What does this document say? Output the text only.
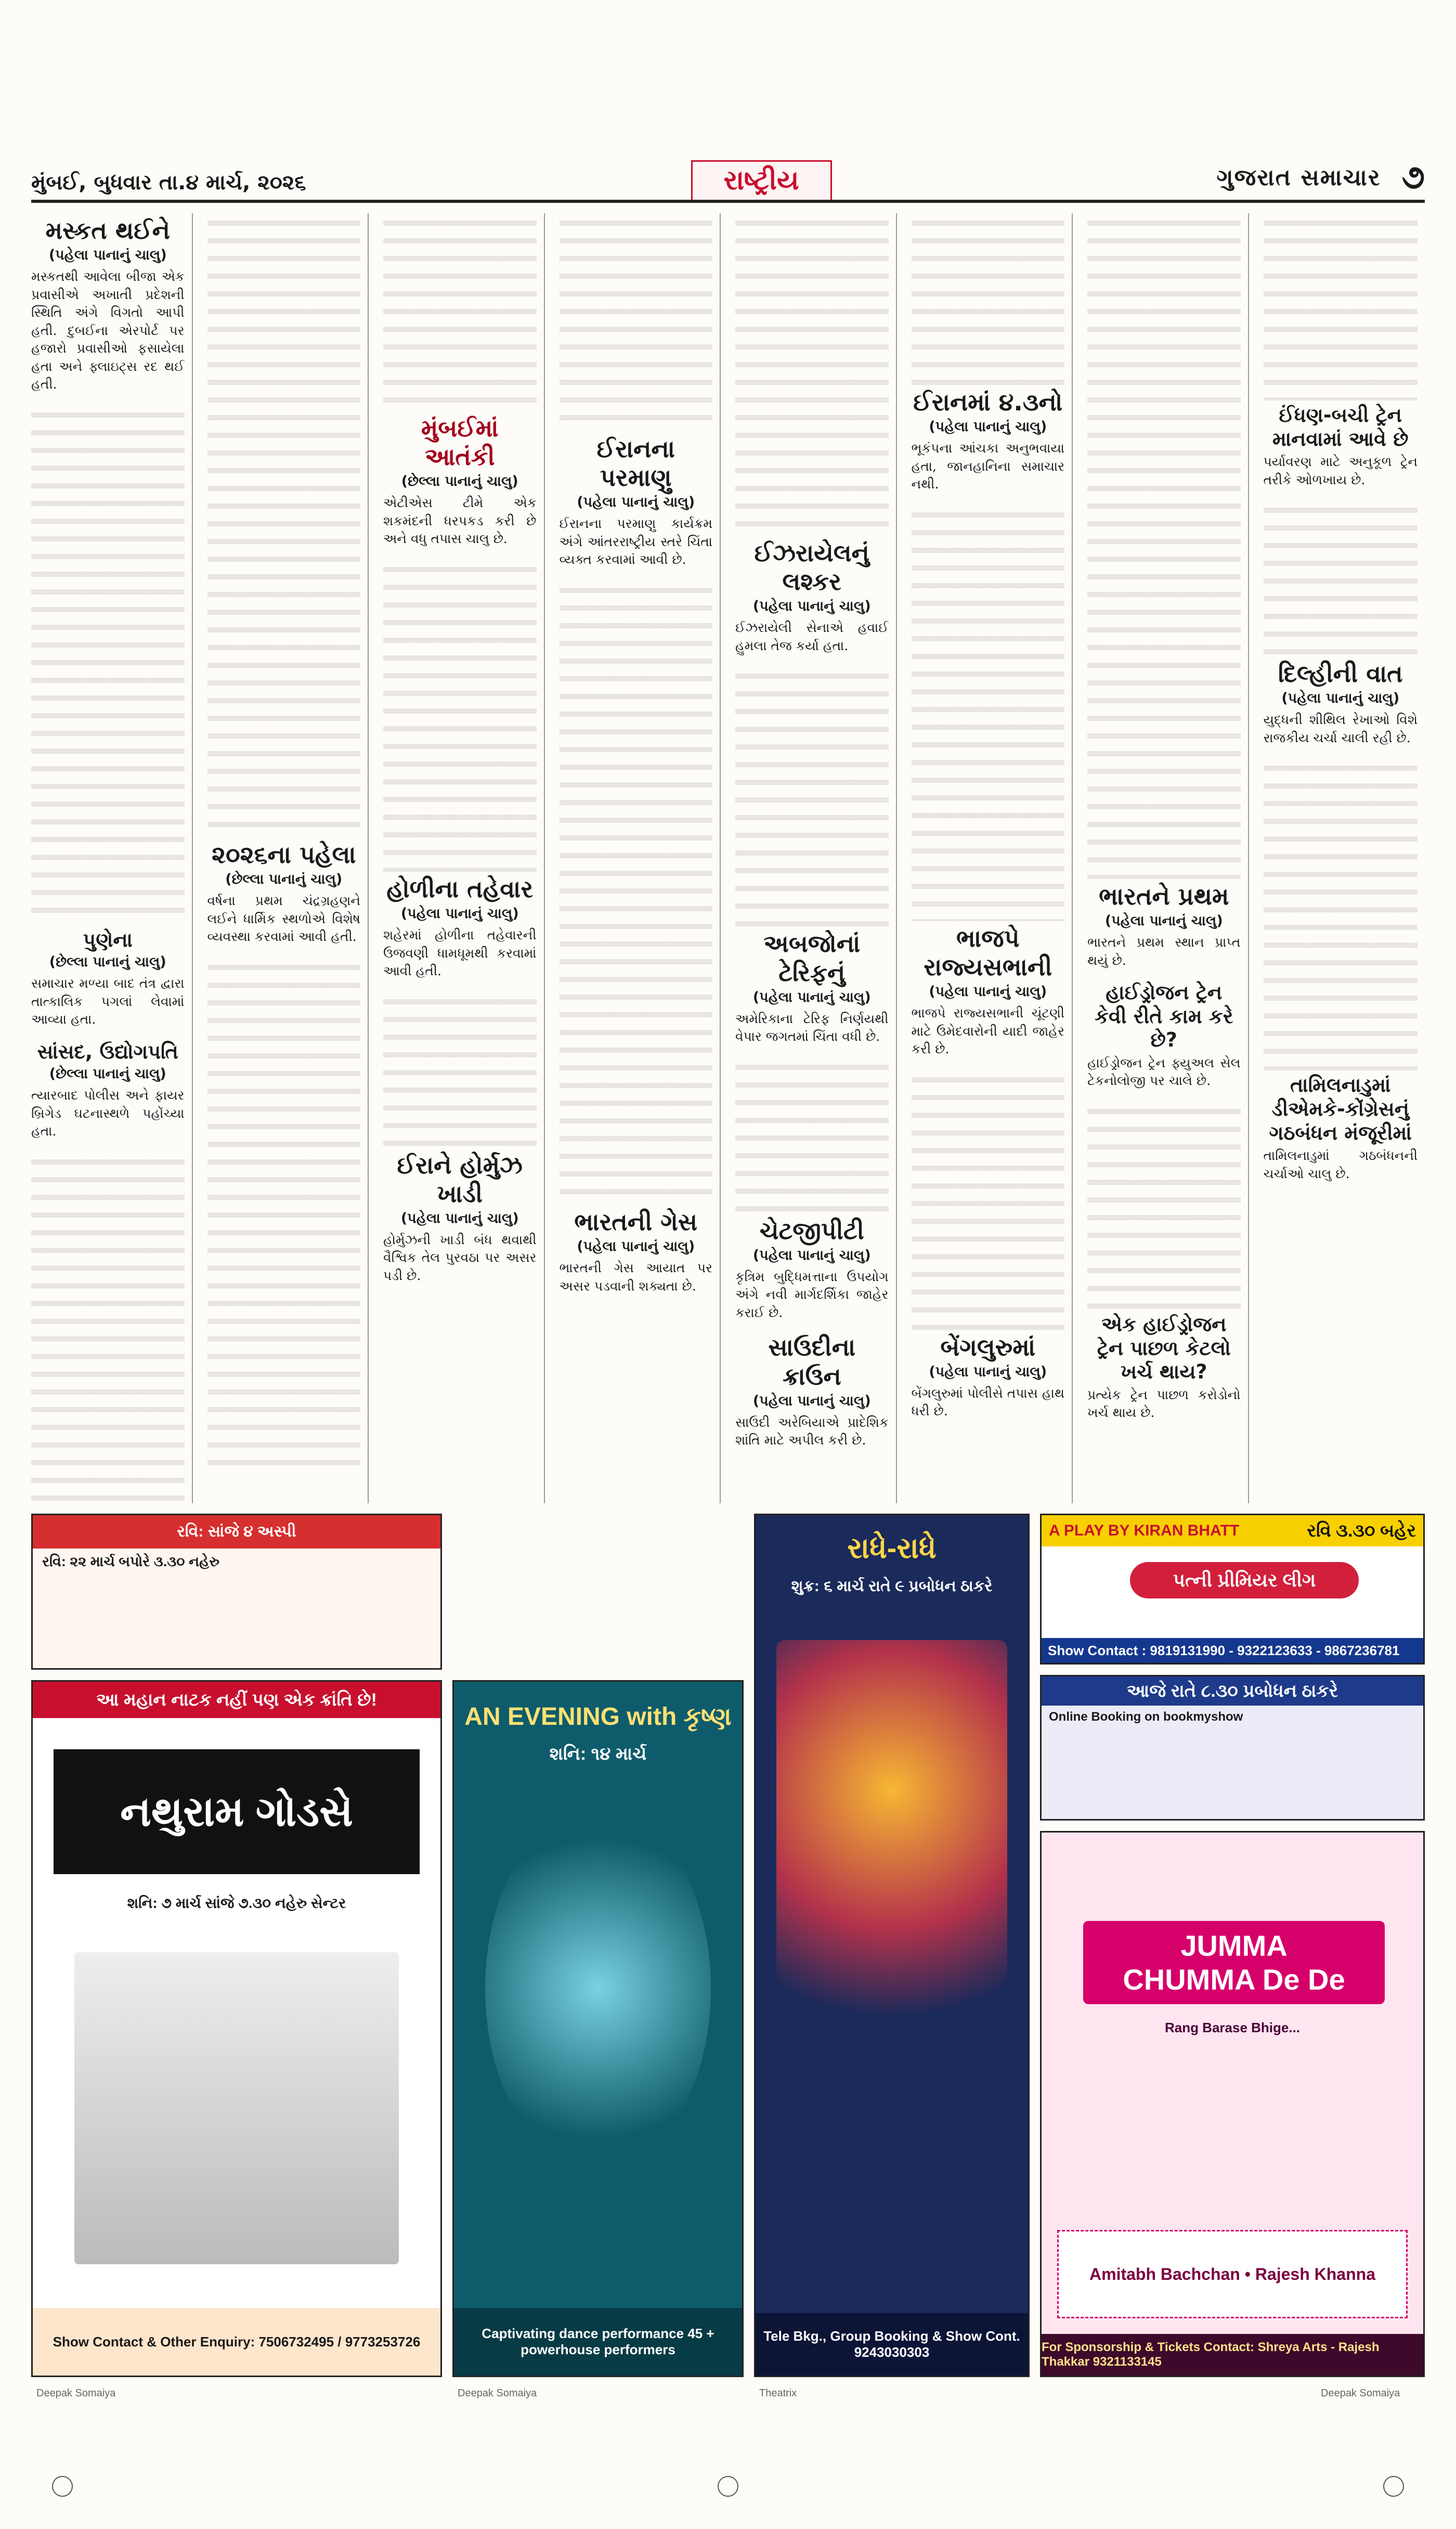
મુંબઈ, બુધવાર તા.૪ માર્ચ, ૨૦૨૬	રાષ્ટ્રીય	ગુજરાત સમાચાર ૭
મસ્કત થઈને
(પહેલા પાનાનું ચાલુ)

મસ્કતથી આવેલા બીજા એક પ્રવાસીએ અખાતી પ્રદેશની સ્થિતિ અંગે વિગતો આપી હતી. દુબઈના એરપોર્ટ પર હજારો પ્રવાસીઓ ફસાયેલા હતા અને ફ્લાઇટ્સ રદ થઈ હતી.

પુણેના
(છેલ્લા પાનાનું ચાલુ)

સમાચાર મળ્યા બાદ તંત્ર દ્વારા તાત્કાલિક પગલાં લેવામાં આવ્યા હતા.

સાંસદ, ઉદ્યોગપતિ
(છેલ્લા પાનાનું ચાલુ)

ત્યારબાદ પોલીસ અને ફાયર બ્રિગેડ ઘટનાસ્થળે પહોંચ્યા હતા.

૨૦૨૬ના પહેલા
(છેલ્લા પાનાનું ચાલુ)

વર્ષના પ્રથમ ચંદ્રગ્રહણને લઈને ધાર્મિક સ્થળોએ વિશેષ વ્યવસ્થા કરવામાં આવી હતી.

મુંબઈમાં આતંકી
(છેલ્લા પાનાનું ચાલુ)

એટીએસ ટીમે એક શકમંદની ધરપકડ કરી છે અને વધુ તપાસ ચાલુ છે.

હોળીના તહેવાર
(પહેલા પાનાનું ચાલુ)

શહેરમાં હોળીના તહેવારની ઉજવણી ધામધૂમથી કરવામાં આવી હતી.

ઈરાને હોર્મુઝ ખાડી
(પહેલા પાનાનું ચાલુ)

હોર્મુઝની ખાડી બંધ થવાથી વૈશ્વિક તેલ પુરવઠા પર અસર પડી છે.

ઈરાનના પરમાણુ
(પહેલા પાનાનું ચાલુ)

ઈરાનના પરમાણુ કાર્યક્રમ અંગે આંતરરાષ્ટ્રીય સ્તરે ચિંતા વ્યક્ત કરવામાં આવી છે.

ભારતની ગેસ
(પહેલા પાનાનું ચાલુ)

ભારતની ગેસ આયાત પર અસર પડવાની શક્યતા છે.

ઈઝરાયેલનું લશ્કર
(પહેલા પાનાનું ચાલુ)

ઈઝરાયેલી સેનાએ હવાઈ હુમલા તેજ કર્યા હતા.

અબજોનાં ટેરિફનું
(પહેલા પાનાનું ચાલુ)

અમેરિકાના ટેરિફ નિર્ણયથી વેપાર જગતમાં ચિંતા વધી છે.

ચેટજીપીટી
(પહેલા પાનાનું ચાલુ)

કૃત્રિમ બુદ્ધિમત્તાના ઉપયોગ અંગે નવી માર્ગદર્શિકા જાહેર કરાઈ છે.

સાઉદીના ક્રાઉન
(પહેલા પાનાનું ચાલુ)

સાઉદી અરેબિયાએ પ્રાદેશિક શાંતિ માટે અપીલ કરી છે.

ઈરાનમાં ૪.૩નો
(પહેલા પાનાનું ચાલુ)

ભૂકંપના આંચકા અનુભવાયા હતા, જાનહાનિના સમાચાર નથી.

ભાજપે રાજ્યસભાની
(પહેલા પાનાનું ચાલુ)

ભાજપે રાજ્યસભાની ચૂંટણી માટે ઉમેદવારોની યાદી જાહેર કરી છે.

બેંગલુરુમાં
(પહેલા પાનાનું ચાલુ)

બેંગલુરુમાં પોલીસે તપાસ હાથ ધરી છે.

ભારતને પ્રથમ
(પહેલા પાનાનું ચાલુ)

ભારતને પ્રથમ સ્થાન પ્રાપ્ત થયું છે.

હાઈડ્રોજન ટ્રેન કેવી રીતે કામ કરે છે?

હાઈડ્રોજન ટ્રેન ફ્યુઅલ સેલ ટેકનોલોજી પર ચાલે છે.

એક હાઈડ્રોજન ટ્રેન પાછળ કેટલો ખર્ચ થાય?

પ્રત્યેક ટ્રેન પાછળ કરોડોનો ખર્ચ થાય છે.

ઈંધણ-બચી ટ્રેન માનવામાં આવે છે

પર્યાવરણ માટે અનુકૂળ ટ્રેન તરીકે ઓળખાય છે.

દિલ્હીની વાત
(પહેલા પાનાનું ચાલુ)

યુદ્ધની શીથિલ રેખાઓ વિશે રાજકીય ચર્ચા ચાલી રહી છે.

તામિલનાડુમાં ડીએમકે-કોંગ્રેસનું ગઠબંધન મંજૂરીમાં

તામિલનાડુમાં ગઠબંધનની ચર્ચાઓ ચાલુ છે.

રવિ: સાંજે ૪ અસ્પી
રવિ: ૨૨ માર્ચ બપોરે ૩.૩૦ નહેરુ
આ મહાન નાટક નહીં પણ એક ક્રાંતિ છે!
નથુરામ ગોડસે
શનિ: ૭ માર્ચ સાંજે ૭.૩૦ નહેરુ સેન્ટર
Show Contact & Other Enquiry: 7506732495 / 9773253726
AN EVENING with કૃષ્ણ
શનિ: ૧૪ માર્ચ
Captivating dance performance 45 + powerhouse performers
રાધે-રાધે
શુક્ર: ૬ માર્ચ રાતે ૯ પ્રબોધન ઠાકરે
Tele Bkg., Group Booking & Show Cont. 9243030303
A PLAY BY KIRAN BHATT	રવિ ૩.૩૦ બહેર
પત્ની પ્રીમિયર લીગ
Show Contact : 9819131990 - 9322123633 - 9867236781
આજે રાતે ૮.૩૦ પ્રબોધન ઠાકરે
Online Booking on bookmyshow
JUMMA
CHUMMA De De
Rang Barase Bhige...
Amitabh Bachchan • Rajesh Khanna
For Sponsorship & Tickets Contact: Shreya Arts - Rajesh Thakkar 9321133145
Deepak Somaiya	Deepak Somaiya	Theatrix	Deepak Somaiya
